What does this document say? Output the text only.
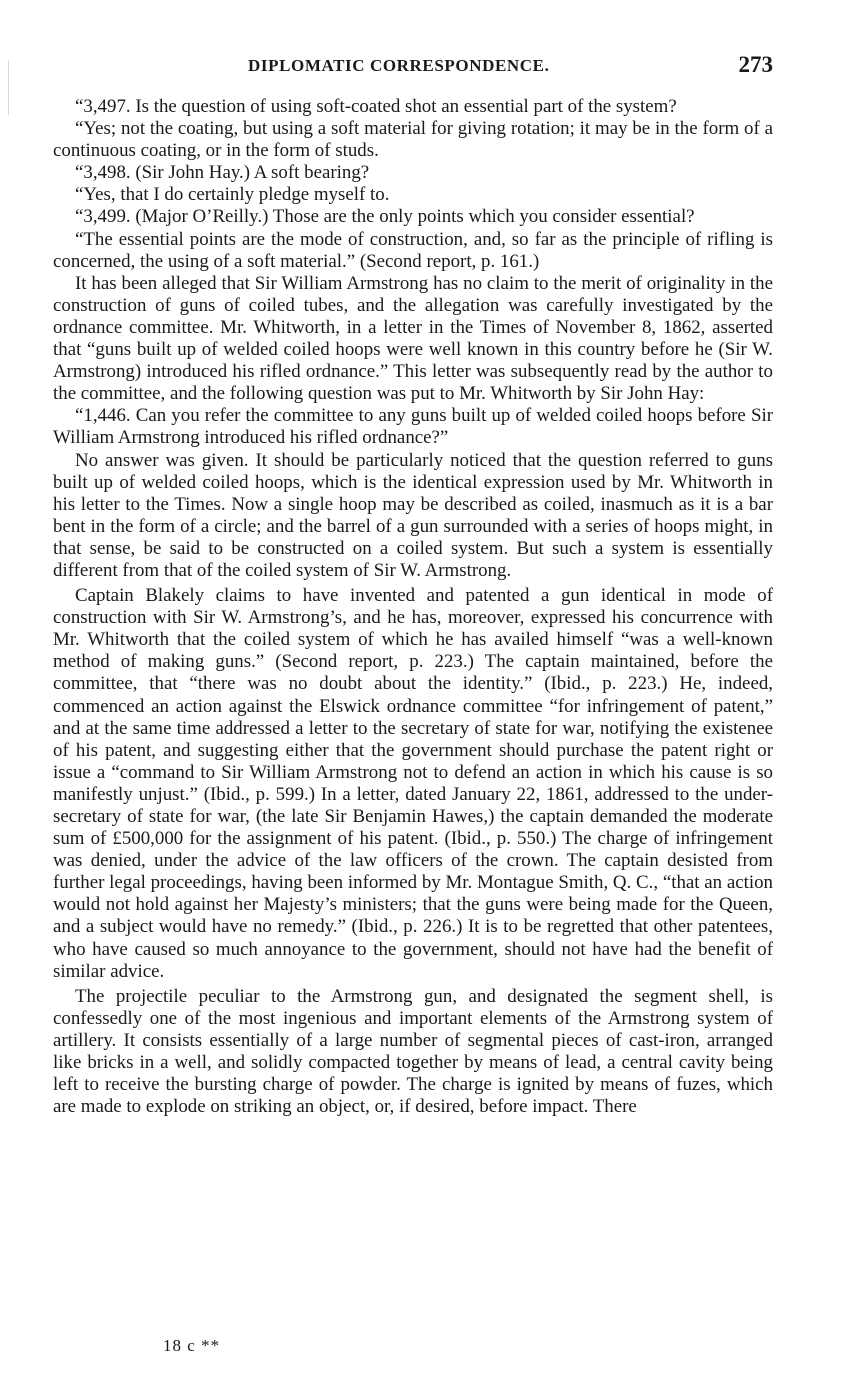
DIPLOMATIC CORRESPONDENCE.	273

“3,497. Is the question of using soft-coated shot an essential part of the system?

“Yes; not the coating, but using a soft material for giving rotation; it may be in the form of a continuous coating, or in the form of studs.

“3,498. (Sir John Hay.) A soft bearing?

“Yes, that I do certainly pledge myself to.

“3,499. (Major O’Reilly.) Those are the only points which you consider essential?

“The essential points are the mode of construction, and, so far as the principle of rifling is concerned, the using of a soft material.” (Second report, p. 161.)

It has been alleged that Sir William Armstrong has no claim to the merit of originality in the construction of guns of coiled tubes, and the allegation was carefully investigated by the ordnance committee. Mr. Whitworth, in a letter in the Times of November 8, 1862, asserted that “guns built up of welded coiled hoops were well known in this country before he (Sir W. Armstrong) introduced his rifled ordnance.” This letter was subsequently read by the author to the committee, and the following question was put to Mr. Whitworth by Sir John Hay:

“1,446. Can you refer the committee to any guns built up of welded coiled hoops before Sir William Armstrong introduced his rifled ordnance?”

No answer was given. It should be particularly noticed that the question referred to guns built up of welded coiled hoops, which is the identical expression used by Mr. Whitworth in his letter to the Times. Now a single hoop may be described as coiled, inasmuch as it is a bar bent in the form of a circle; and the barrel of a gun surrounded with a series of hoops might, in that sense, be said to be constructed on a coiled system. But such a system is essentially different from that of the coiled system of Sir W. Armstrong.

Captain Blakely claims to have invented and patented a gun identical in mode of construction with Sir W. Armstrong’s, and he has, moreover, expressed his concurrence with Mr. Whitworth that the coiled system of which he has availed himself “was a well-known method of making guns.” (Second report, p. 223.) The captain maintained, before the committee, that “there was no doubt about the identity.” (Ibid., p. 223.) He, indeed, commenced an action against the Elswick ordnance committee “for infringement of patent,” and at the same time addressed a letter to the secretary of state for war, notifying the existenee of his patent, and suggesting either that the government should purchase the patent right or issue a “command to Sir William Armstrong not to defend an action in which his cause is so manifestly unjust.” (Ibid., p. 599.) In a letter, dated January 22, 1861, addressed to the under-secretary of state for war, (the late Sir Benjamin Hawes,) the captain demanded the moderate sum of £500,000 for the assignment of his patent. (Ibid., p. 550.) The charge of infringement was denied, under the advice of the law officers of the crown. The captain desisted from further legal proceedings, having been informed by Mr. Montague Smith, Q. C., “that an action would not hold against her Majesty’s ministers; that the guns were being made for the Queen, and a subject would have no remedy.” (Ibid., p. 226.) It is to be regretted that other patentees, who have caused so much annoyance to the government, should not have had the benefit of similar advice.

The projectile peculiar to the Armstrong gun, and designated the segment shell, is confessedly one of the most ingenious and important elements of the Armstrong system of artillery. It consists essentially of a large number of segmental pieces of cast-iron, arranged like bricks in a well, and solidly compacted together by means of lead, a central cavity being left to receive the bursting charge of powder. The charge is ignited by means of fuzes, which are made to explode on striking an object, or, if desired, before impact. There

18 c **
